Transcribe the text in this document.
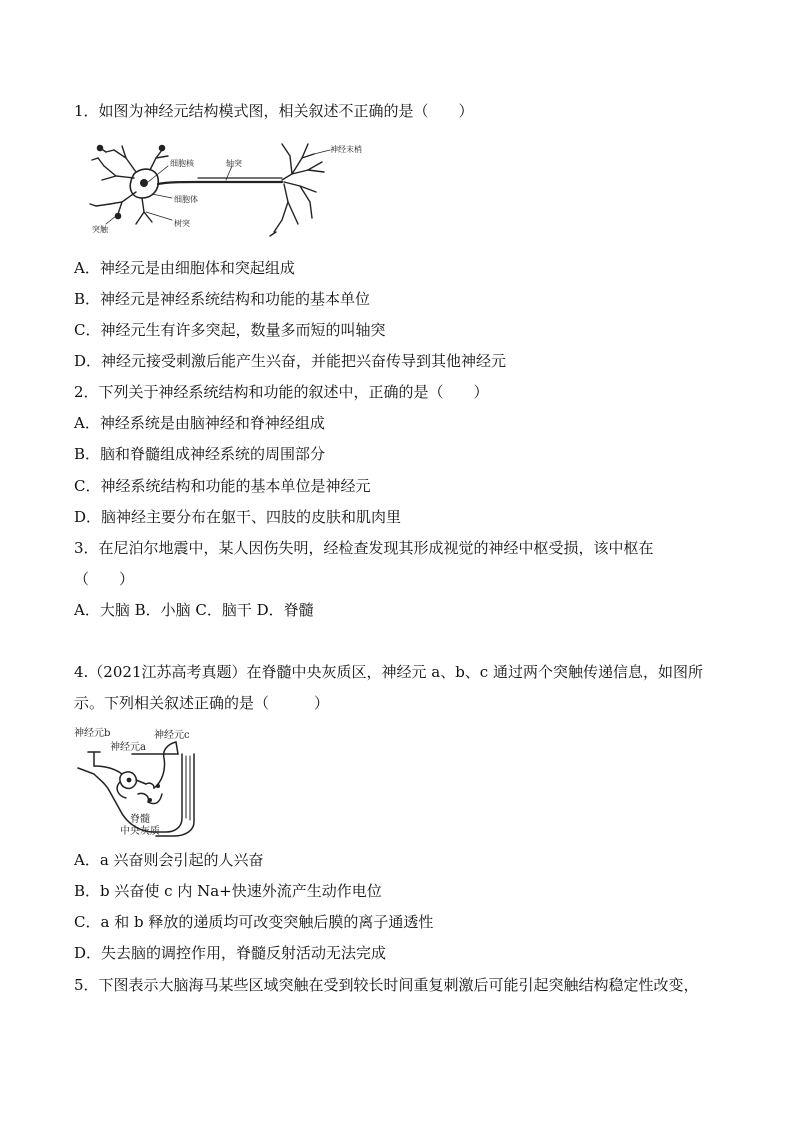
1．如图为神经元结构模式图，相关叙述不正确的是（　　）
细胞核	轴突
神经末梢
细胞体
树突
突触
A．神经元是由细胞体和突起组成
B．神经元是神经系统结构和功能的基本单位
C．神经元生有许多突起，数量多而短的叫轴突
D．神经元接受刺激后能产生兴奋，并能把兴奋传导到其他神经元
2．下列关于神经系统结构和功能的叙述中，正确的是（　　）
A．神经系统是由脑神经和脊神经组成
B．脑和脊髓组成神经系统的周围部分
C．神经系统结构和功能的基本单位是神经元
D．脑神经主要分布在躯干、四肢的皮肤和肌肉里
3．在尼泊尔地震中，某人因伤失明，经检查发现其形成视觉的神经中枢受损，该中枢在
（　　）
A．大脑 B．小脑 C．脑干 D．脊髓
4.（2021江苏高考真题）在脊髓中央灰质区，神经元 a、b、c 通过两个突触传递信息，如图所
示。下列相关叙述正确的是（　　　）
神经元b
神经元a
神经元c
脊髓
中央灰质
A．a 兴奋则会引起的人兴奋
B．b 兴奋使 c 内 Na+快速外流产生动作电位
C．a 和 b 释放的递质均可改变突触后膜的离子通透性
D．失去脑的调控作用，脊髓反射活动无法完成
5．下图表示大脑海马某些区域突触在受到较长时间重复刺激后可能引起突触结构稳定性改变，
